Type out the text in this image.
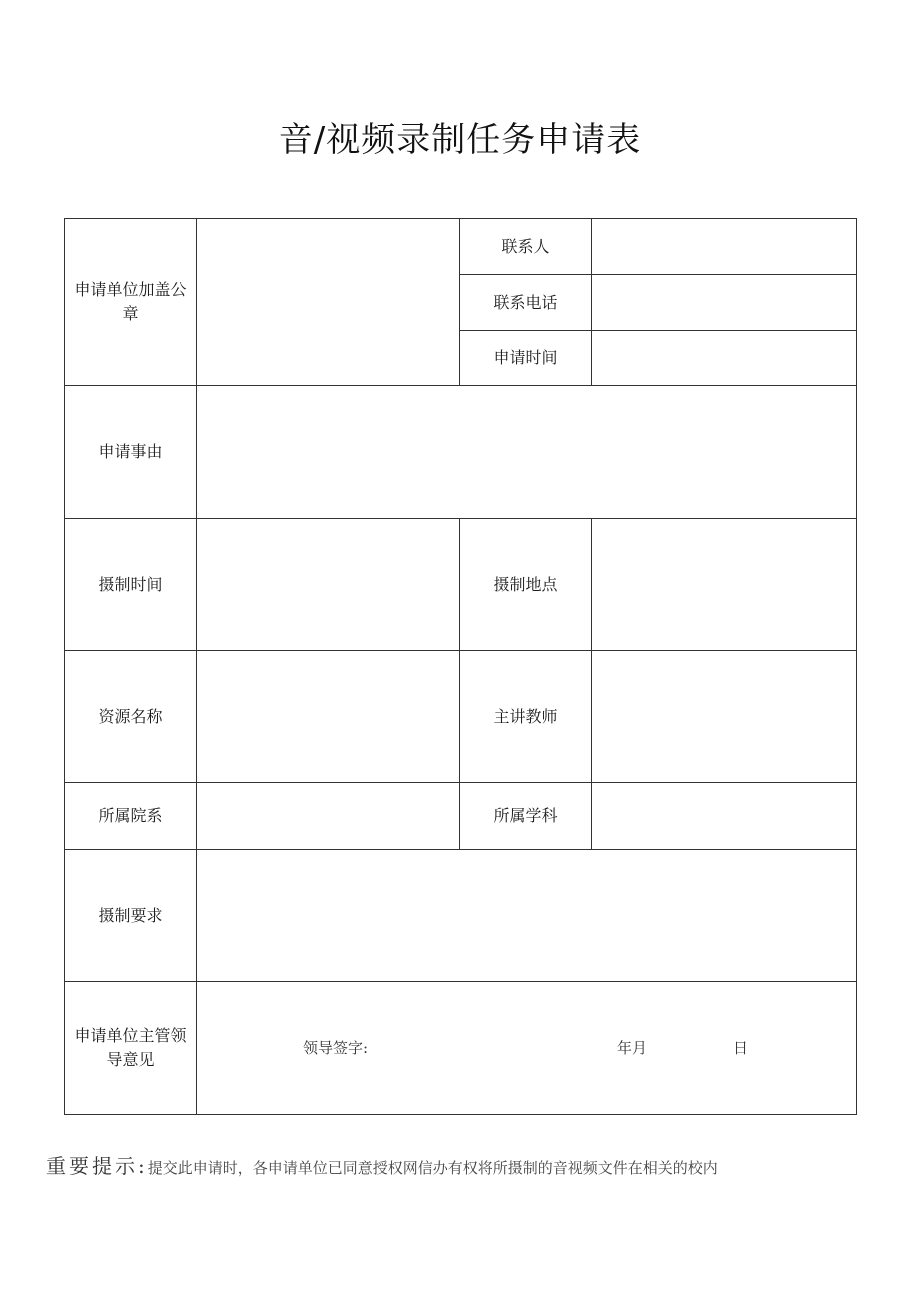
音/视频录制任务申请表
申请单位加盖公章		联系人	
		联系电话	
		申请时间	
申请事由			
摄制时间		摄制地点	
资源名称		主讲教师	
所属院系		所属学科	
摄制要求			
申请单位主管领导意见	领导签字: 年月 日		
重要提示:提交此申请时，各申请单位已同意授权网信办有权将所摄制的音视频文件在相关的校内
